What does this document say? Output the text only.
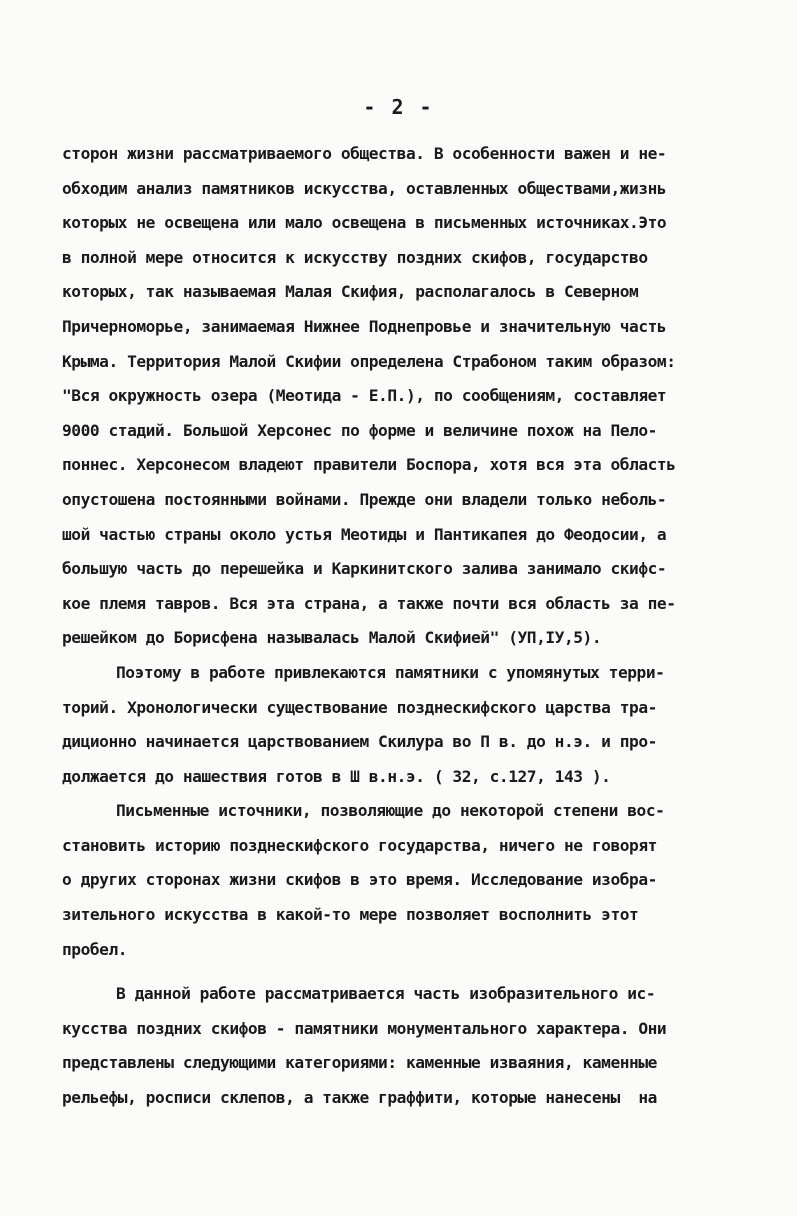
- 2 -
сторон жизни рассматриваемого общества. В особенности важен и не-
обходим анализ памятников искусства, оставленных обществами,жизнь
которых не освещена или мало освещена в письменных источниках.Это
в полной мере относится к искусству поздних скифов, государство
которых, так называемая Малая Скифия, располагалось в Северном
Причерноморье, занимаемая Нижнее Поднепровье и значительную часть
Крыма. Территория Малой Скифии определена Страбоном таким образом:
"Вся окружность озера (Меотида - Е.П.), по сообщениям, составляет
9000 стадий. Большой Херсонес по форме и величине похож на Пело-
поннес. Херсонесом владеют правители Боспора, хотя вся эта область
опустошена постоянными войнами. Прежде они владели только неболь-
шой частью страны около устья Меотиды и Пантикапея до Феодосии, а
большую часть до перешейка и Каркинитского залива занимало скифс-
кое племя тавров. Вся эта страна, а также почти вся область за пе-
решейком до Борисфена называлась Малой Скифией" (УП,IУ,5).
Поэтому в работе привлекаются памятники с упомянутых терри-
торий. Хронологически существование позднескифского царства тра-
диционно начинается царствованием Скилура во П в. до н.э. и про-
должается до нашествия готов в Ш в.н.э. ( 32, с.127, 143 ).
Письменные источники, позволяющие до некоторой степени вос-
становить историю позднескифского государства, ничего не говорят
о других сторонах жизни скифов в это время. Исследование изобра-
зительного искусства в какой-то мере позволяет восполнить этот
пробел.
В данной работе рассматривается часть изобразительного ис-
кусства поздних скифов - памятники монументального характера. Они
представлены следующими категориями: каменные изваяния, каменные
рельефы, росписи склепов, а также граффити, которые нанесены  на
